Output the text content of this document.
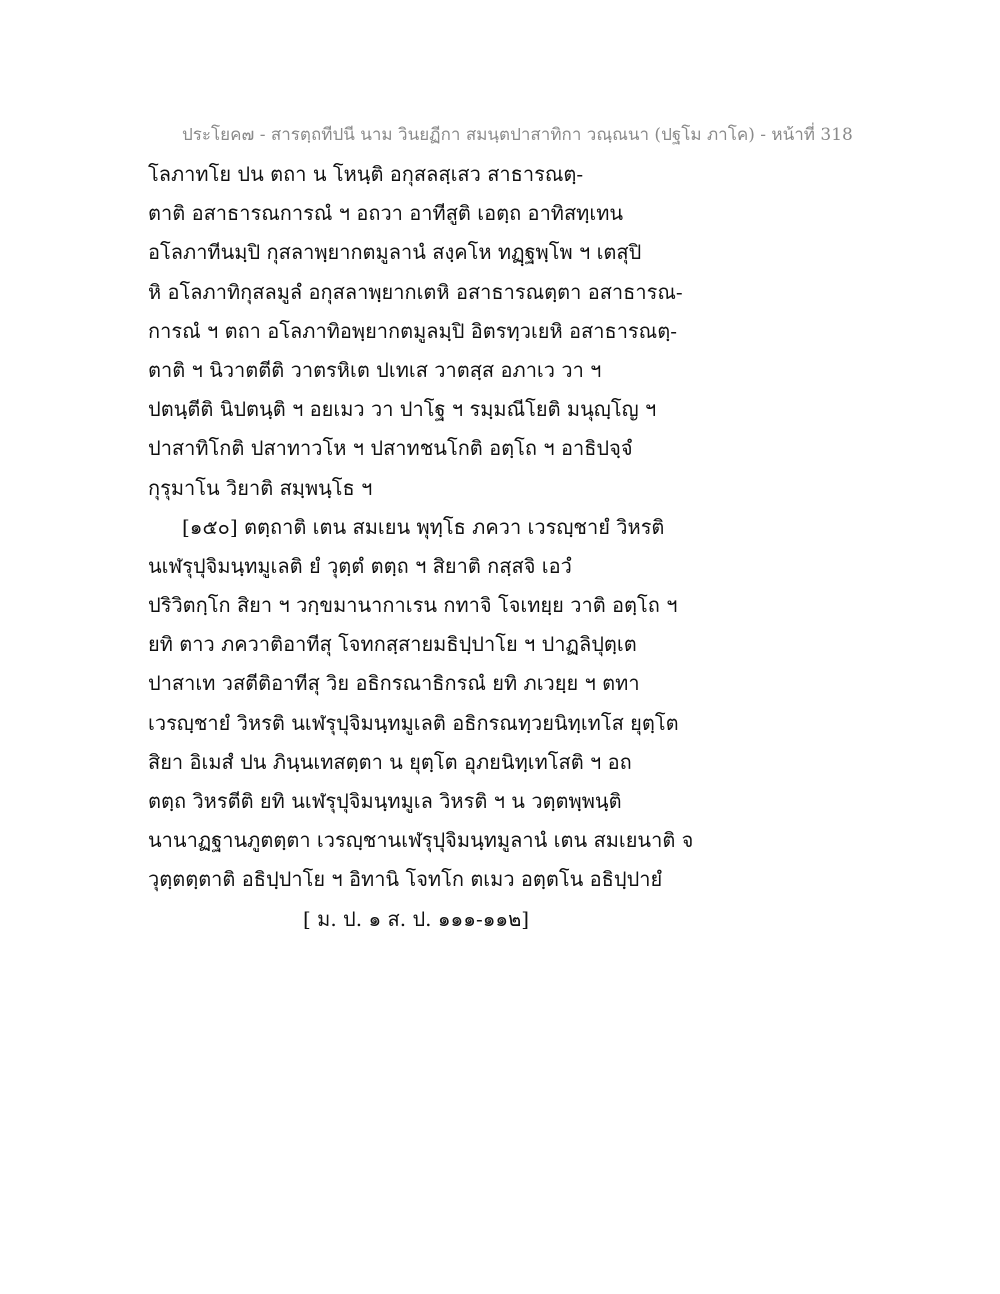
ประโยค๗ - สารตฺถทีปนี นาม วินยฏีกา สมนฺตปาสาทิกา วณฺณนา (ปฐโม ภาโค) - หน้าที่ 318
โลภาทโย ปน ตถา น โหนฺติ อกุสลสฺเสว สาธารณตฺ-
ตาติ อสาธารณการณํ ฯ อถวา อาทีสูติ เอตฺถ อาทิสทฺเทน
อโลภาทีนมฺปิ กุสลาพฺยากตมูลานํ สงฺคโห ทฏฺฐพฺโพ ฯ เตสุปิ
หิ อโลภาทิกุสลมูลํ อกุสลาพฺยากเตหิ อสาธารณตฺตา อสาธารณ-
การณํ ฯ ตถา อโลภาทิอพฺยากตมูลมฺปิ อิตรทฺวเยหิ อสาธารณตฺ-
ตาติ ฯ นิวาตตีติ วาตรหิเต ปเทเส วาตสฺส อภาเว วา ฯ
ปตนฺตีติ นิปตนฺติ ฯ อยเมว วา ปาโฐ ฯ รมฺมณีโยติ มนุญฺโญ ฯ
ปาสาทิโกติ ปสาทาวโห ฯ ปสาทชนโกติ อตฺโถ ฯ อาธิปจฺจํ
กุรุมาโน วิยาติ สมฺพนฺโธ ฯ
[๑๕๐] ตตฺถาติ เตน สมเยน พุทฺโธ ภควา เวรญฺชายํ วิหรติ
นเฬรุปุจิมนฺทมูเลติ ยํ วุตฺตํ ตตฺถ ฯ สิยาติ กสฺสจิ เอวํ
ปริวิตกฺโก สิยา ฯ วกฺขมานากาเรน กทาจิ โจเทยฺย วาติ อตฺโถ ฯ
ยทิ ตาว ภควาติอาทีสุ โจทกสฺสายมธิปฺปาโย ฯ ปาฏลิปุตฺเต
ปาสาเท วสตีติอาทีสุ วิย อธิกรณาธิกรณํ ยทิ ภเวยฺย ฯ ตทา
เวรญฺชายํ วิหรติ นเฬรุปุจิมนฺทมูเลติ อธิกรณทฺวยนิทฺเทโส ยุตฺโต
สิยา อิเมสํ ปน ภินฺนเทสตฺตา น ยุตฺโต อุภยนิทฺเทโสติ ฯ อถ
ตตฺถ วิหรตีติ ยทิ นเฬรุปุจิมนฺทมูเล วิหรติ ฯ น วตฺตพฺพนฺติ
นานาฏฐานภูตตฺตา เวรญฺชานเฬรุปุจิมนฺทมูลานํ เตน สมเยนาติ จ
วุตฺตตฺตาติ อธิปฺปาโย ฯ อิทานิ โจทโก ตเมว อตฺตโน อธิปฺปายํ
[ ม. ป. ๑ ส. ป. ๑๑๑-๑๑๒]
